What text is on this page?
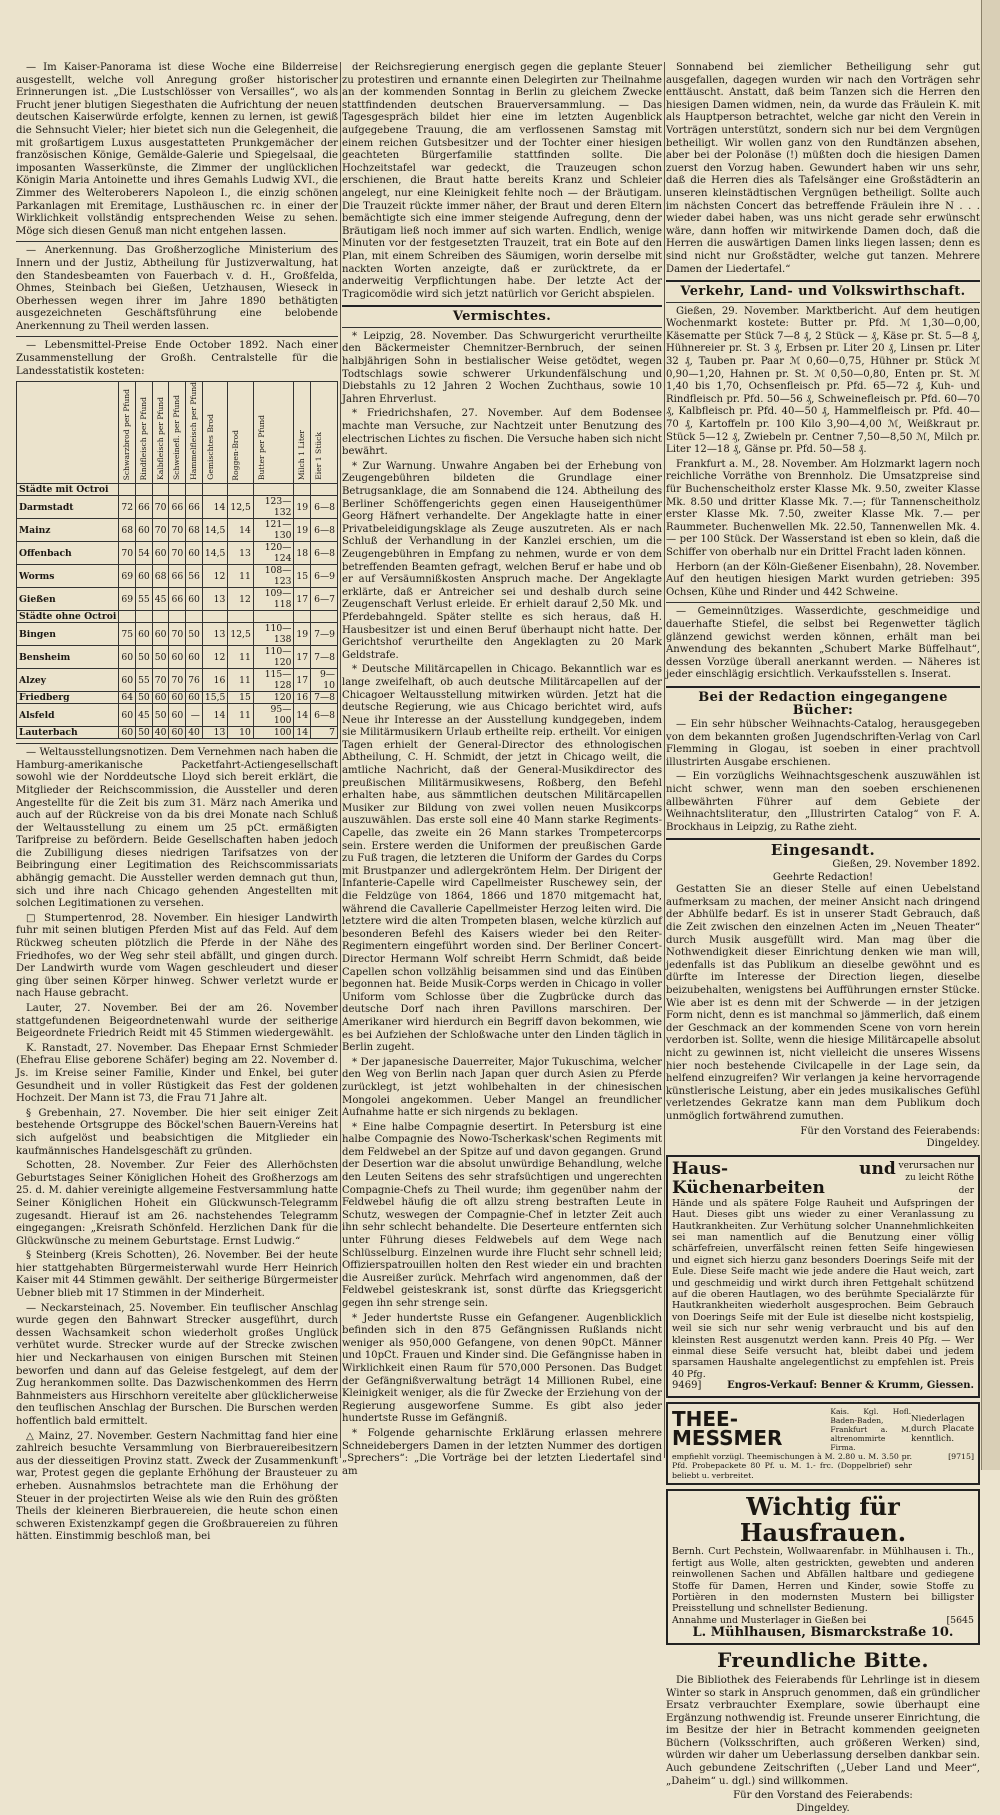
— Im Kaiser-Panorama ist diese Woche eine Bilderreise ausgestellt, welche voll Anregung großer historischer Erinnerungen ist. „Die Lustschlösser von Versailles“, wo als Frucht jener blutigen Siegesthaten die Aufrichtung der neuen deutschen Kaiserwürde erfolgte, kennen zu lernen, ist gewiß die Sehnsucht Vieler; hier bietet sich nun die Gelegenheit, die mit großartigem Luxus ausgestatteten Prunkgemächer der französischen Könige, Gemälde-Galerie und Spiegelsaal, die imposanten Wasserkünste, die Zimmer der unglücklichen Königin Maria Antoinette und ihres Gemahls Ludwig XVI., die Zimmer des Welteroberers Napoleon I., die einzig schönen Parkanlagen mit Eremitage, Lusthäuschen rc. in einer der Wirklichkeit vollständig entsprechenden Weise zu sehen. Möge sich diesen Genuß man nicht entgehen lassen.

— Anerkennung. Das Großherzogliche Ministerium des Innern und der Justiz, Abtheilung für Justizverwaltung, hat den Standesbeamten von Fauerbach v. d. H., Großfelda, Ohmes, Steinbach bei Gießen, Uetzhausen, Wieseck in Oberhessen wegen ihrer im Jahre 1890 bethätigten ausgezeichneten Geschäftsführung eine belobende Anerkennung zu Theil werden lassen.

— Lebensmittel-Preise Ende October 1892. Nach einer Zusammenstellung der Großh. Centralstelle für die Landesstatistik kosteten:

	Schwarzbrod per Pfund	Rindfleisch per Pfund	Kalbfleisch per Pfund	Schweinefl. per Pfund	Hammelfleisch per Pfund	Gemischtes Brod	Roggen-Brod	Butter per Pfund	Milch 1 Liter	Eier 1 Stück
Städte mit Octroi										
Darmstadt	72	66	70	66	66	14	12,5	123—132	19	6—8
Mainz	68	60	70	70	68	14,5	14	121—130	19	6—8
Offenbach	70	54	60	70	60	14,5	13	120—124	18	6—8
Worms	69	60	68	66	56	12	11	108—123	15	6—9
Gießen	69	55	45	66	60	13	12	109—118	17	6—7
Städte ohne Octroi										
Bingen	75	60	60	70	50	13	12,5	110—138	19	7—9
Bensheim	60	50	50	60	60	12	11	110—120	17	7—8
Alzey	60	55	70	70	76	16	11	115—128	17	9—10
Friedberg	64	50	60	60	60	15,5	15	120	16	7—8
Alsfeld	60	45	50	60	—	14	11	95—100	14	6—8
Lauterbach	60	50	40	60	40	13	10	100	14	7

— Weltausstellungsnotizen. Dem Vernehmen nach haben die Hamburg-amerikanische Packetfahrt-Actiengesellschaft sowohl wie der Norddeutsche Lloyd sich bereit erklärt, die Mitglieder der Reichscommission, die Aussteller und deren Angestellte für die Zeit bis zum 31. März nach Amerika und auch auf der Rückreise von da bis drei Monate nach Schluß der Weltausstellung zu einem um 25 pCt. ermäßigten Tarifpreise zu befördern. Beide Gesellschaften haben jedoch die Zubilligung dieses niedrigen Tarifsatzes von der Beibringung einer Legitimation des Reichscommissariats abhängig gemacht. Die Aussteller werden demnach gut thun, sich und ihre nach Chicago gehenden Angestellten mit solchen Legitimationen zu versehen.

□ Stumpertenrod, 28. November. Ein hiesiger Landwirth fuhr mit seinen blutigen Pferden Mist auf das Feld. Auf dem Rückweg scheuten plötzlich die Pferde in der Nähe des Friedhofes, wo der Weg sehr steil abfällt, und gingen durch. Der Landwirth wurde vom Wagen geschleudert und dieser ging über seinen Körper hinweg. Schwer verletzt wurde er nach Hause gebracht.

Lauter, 27. November. Bei der am 26. November stattgefundenen Beigeordnetenwahl wurde der seitherige Beigeordnete Friedrich Reidt mit 45 Stimmen wiedergewählt.

K. Ranstadt, 27. November. Das Ehepaar Ernst Schmieder (Ehefrau Elise geborene Schäfer) beging am 22. November d. Js. im Kreise seiner Familie, Kinder und Enkel, bei guter Gesundheit und in voller Rüstigkeit das Fest der goldenen Hochzeit. Der Mann ist 73, die Frau 71 Jahre alt.

§ Grebenhain, 27. November. Die hier seit einiger Zeit bestehende Ortsgruppe des Böckel'schen Bauern-Vereins hat sich aufgelöst und beabsichtigen die Mitglieder ein kaufmännisches Handelsgeschäft zu gründen.

Schotten, 28. November. Zur Feier des Allerhöchsten Geburtstages Seiner Königlichen Hoheit des Großherzogs am 25. d. M. dahier vereinigte allgemeine Festversammlung hatte Seiner Königlichen Hoheit ein Glückwunsch-Telegramm zugesandt. Hierauf ist am 26. nachstehendes Telegramm eingegangen: „Kreisrath Schönfeld. Herzlichen Dank für die Glückwünsche zu meinem Geburtstage. Ernst Ludwig.“

§ Steinberg (Kreis Schotten), 26. November. Bei der heute hier stattgehabten Bürgermeisterwahl wurde Herr Heinrich Kaiser mit 44 Stimmen gewählt. Der seitherige Bürgermeister Uebner blieb mit 17 Stimmen in der Minderheit.

— Neckarsteinach, 25. November. Ein teuflischer Anschlag wurde gegen den Bahnwart Strecker ausgeführt, durch dessen Wachsamkeit schon wiederholt großes Unglück verhütet wurde. Strecker wurde auf der Strecke zwischen hier und Neckarhausen von einigen Burschen mit Steinen beworfen und dann auf das Geleise festgelegt, auf dem der Zug herankommen sollte. Das Dazwischenkommen des Herrn Bahnmeisters aus Hirschhorn vereitelte aber glücklicherweise den teuflischen Anschlag der Burschen. Die Burschen werden hoffentlich bald ermittelt.

△ Mainz, 27. November. Gestern Nachmittag fand hier eine zahlreich besuchte Versammlung von Bierbrauereibesitzern aus der diesseitigen Provinz statt. Zweck der Zusammenkunft war, Protest gegen die geplante Erhöhung der Brausteuer zu erheben. Ausnahmslos betrachtete man die Erhöhung der Steuer in der projectirten Weise als wie den Ruin des größten Theils der kleineren Bierbrauereien, die heute schon einen schweren Existenzkampf gegen die Großbrauereien zu führen hätten. Einstimmig beschloß man, bei

der Reichsregierung energisch gegen die geplante Steuer zu protestiren und ernannte einen Delegirten zur Theilnahme an der kommenden Sonntag in Berlin zu gleichem Zwecke stattfindenden deutschen Brauerversammlung. — Das Tagesgespräch bildet hier eine im letzten Augenblick aufgegebene Trauung, die am verflossenen Samstag mit einem reichen Gutsbesitzer und der Tochter einer hiesigen geachteten Bürgerfamilie stattfinden sollte. Die Hochzeitstafel war gedeckt, die Trauzeugen schon erschienen, die Braut hatte bereits Kranz und Schleier angelegt, nur eine Kleinigkeit fehlte noch — der Bräutigam. Die Trauzeit rückte immer näher, der Braut und deren Eltern bemächtigte sich eine immer steigende Aufregung, denn der Bräutigam ließ noch immer auf sich warten. Endlich, wenige Minuten vor der festgesetzten Trauzeit, trat ein Bote auf den Plan, mit einem Schreiben des Säumigen, worin derselbe mit nackten Worten anzeigte, daß er zurücktrete, da er anderweitig Verpflichtungen habe. Der letzte Act der Tragicomödie wird sich jetzt natürlich vor Gericht abspielen.

Vermischtes.

* Leipzig, 28. November. Das Schwurgericht verurtheilte den Bäckermeister Chemnitzer-Bernbruch, der seinen halbjährigen Sohn in bestialischer Weise getödtet, wegen Todtschlags sowie schwerer Urkundenfälschung und Diebstahls zu 12 Jahren 2 Wochen Zuchthaus, sowie 10 Jahren Ehrverlust.

* Friedrichshafen, 27. November. Auf dem Bodensee machte man Versuche, zur Nachtzeit unter Benutzung des electrischen Lichtes zu fischen. Die Versuche haben sich nicht bewährt.

* Zur Warnung. Unwahre Angaben bei der Erhebung von Zeugengebühren bildeten die Grundlage einer Betrugsanklage, die am Sonnabend die 124. Abtheilung des Berliner Schöffengerichts gegen einen Hauseigenthümer Georg Häfnert verhandelte. Der Angeklagte hatte in einer Privatbeleidigungsklage als Zeuge auszutreten. Als er nach Schluß der Verhandlung in der Kanzlei erschien, um die Zeugengebühren in Empfang zu nehmen, wurde er von dem betreffenden Beamten gefragt, welchen Beruf er habe und ob er auf Versäumnißkosten Anspruch mache. Der Angeklagte erklärte, daß er Antreicher sei und deshalb durch seine Zeugenschaft Verlust erleide. Er erhielt darauf 2,50 Mk. und Pferdebahngeld. Später stellte es sich heraus, daß H. Hausbesitzer ist und einen Beruf überhaupt nicht hatte. Der Gerichtshof verurtheilte den Angeklagten zu 20 Mark Geldstrafe.

* Deutsche Militärcapellen in Chicago. Bekanntlich war es lange zweifelhaft, ob auch deutsche Militärcapellen auf der Chicagoer Weltausstellung mitwirken würden. Jetzt hat die deutsche Regierung, wie aus Chicago berichtet wird, aufs Neue ihr Interesse an der Ausstellung kundgegeben, indem sie Militärmusikern Urlaub ertheilte reip. ertheilt. Vor einigen Tagen erhielt der General-Director des ethnologischen Abtheilung, C. H. Schmidt, der jetzt in Chicago weilt, die amtliche Nachricht, daß der General-Musikdirector des preußischen Militärmusikwesens, Roßberg, den Befehl erhalten habe, aus sämmtlichen deutschen Militärcapellen Musiker zur Bildung von zwei vollen neuen Musikcorps auszuwählen. Das erste soll eine 40 Mann starke Regiments-Capelle, das zweite ein 26 Mann starkes Trompetercorps sein. Erstere werden die Uniformen der preußischen Garde zu Fuß tragen, die letzteren die Uniform der Gardes du Corps mit Brustpanzer und adlergekröntem Helm. Der Dirigent der Infanterie-Capelle wird Capellmeister Ruschewey sein, der die Feldzüge von 1864, 1866 und 1870 mitgemacht hat, während die Cavallerie Capellmeister Herzog leiten wird. Die letztere wird die alten Trompeten blasen, welche kürzlich auf besonderen Befehl des Kaisers wieder bei den Reiter-Regimentern eingeführt worden sind. Der Berliner Concert-Director Hermann Wolf schreibt Herrn Schmidt, daß beide Capellen schon vollzählig beisammen sind und das Einüben begonnen hat. Beide Musik-Corps werden in Chicago in voller Uniform vom Schlosse über die Zugbrücke durch das deutsche Dorf nach ihren Pavillons marschiren. Der Amerikaner wird hierdurch ein Begriff davon bekommen, wie es bei Aufziehen der Schloßwache unter den Linden täglich in Berlin zugeht.

* Der japanesische Dauerreiter, Major Tukuschima, welcher den Weg von Berlin nach Japan quer durch Asien zu Pferde zurücklegt, ist jetzt wohlbehalten in der chinesischen Mongolei angekommen. Ueber Mangel an freundlicher Aufnahme hatte er sich nirgends zu beklagen.

* Eine halbe Compagnie desertirt. In Petersburg ist eine halbe Compagnie des Nowo-Tscherkask'schen Regiments mit dem Feldwebel an der Spitze auf und davon gegangen. Grund der Desertion war die absolut unwürdige Behandlung, welche den Leuten Seitens des sehr strafsüchtigen und ungerechten Compagnie-Chefs zu Theil wurde; ihm gegenüber nahm der Feldwebel häufig die oft allzu streng bestraften Leute in Schutz, weswegen der Compagnie-Chef in letzter Zeit auch ihn sehr schlecht behandelte. Die Deserteure entfernten sich unter Führung dieses Feldwebels auf dem Wege nach Schlüsselburg. Einzelnen wurde ihre Flucht sehr schnell leid; Offizierspatrouillen holten den Rest wieder ein und brachten die Ausreißer zurück. Mehrfach wird angenommen, daß der Feldwebel geisteskrank ist, sonst dürfte das Kriegsgericht gegen ihn sehr strenge sein.

* Jeder hundertste Russe ein Gefangener. Augenblicklich befinden sich in den 875 Gefängnissen Rußlands nicht weniger als 950,000 Gefangene, von denen 90pCt. Männer und 10pCt. Frauen und Kinder sind. Die Gefängnisse haben in Wirklichkeit einen Raum für 570,000 Personen. Das Budget der Gefängnißverwaltung beträgt 14 Millionen Rubel, eine Kleinigkeit weniger, als die für Zwecke der Erziehung von der Regierung ausgeworfene Summe. Es gibt also jeder hundertste Russe im Gefängniß.

* Folgende geharnischte Erklärung erlassen mehrere Schneidebergers Damen in der letzten Nummer des dortigen „Sprechers“: „Die Vorträge bei der letzten Liedertafel sind am

Sonnabend bei ziemlicher Betheiligung sehr gut ausgefallen, dagegen wurden wir nach den Vorträgen sehr enttäuscht. Anstatt, daß beim Tanzen sich die Herren den hiesigen Damen widmen, nein, da wurde das Fräulein K. mit als Hauptperson betrachtet, welche gar nicht den Verein in Vorträgen unterstützt, sondern sich nur bei dem Vergnügen betheiligt. Wir wollen ganz von den Rundtänzen absehen, aber bei der Polonäse (!) müßten doch die hiesigen Damen zuerst den Vorzug haben. Gewundert haben wir uns sehr, daß die Herren dies als Tafelsänger eine Großstädterin an unseren kleinstädtischen Vergnügen betheiligt. Sollte auch im nächsten Concert das betreffende Fräulein ihre N . . . wieder dabei haben, was uns nicht gerade sehr erwünscht wäre, dann hoffen wir mitwirkende Damen doch, daß die Herren die auswärtigen Damen links liegen lassen; denn es sind nicht nur Großstädter, welche gut tanzen. Mehrere Damen der Liedertafel.“

Verkehr, Land- und Volkswirthschaft.

Gießen, 29. November. Marktbericht. Auf dem heutigen Wochenmarkt kostete: Butter pr. Pfd. ℳ 1,30—0,00, Käsematte per Stück 7—8 ₰, 2 Stück — ₰, Käse pr. St. 5—8 ₰, Hühnereier pr. St. 3 ₰, Erbsen pr. Liter 20 ₰, Linsen pr. Liter 32 ₰, Tauben pr. Paar ℳ 0,60—0,75, Hühner pr. Stück ℳ 0,90—1,20, Hahnen pr. St. ℳ 0,50—0,80, Enten pr. St. ℳ 1,40 bis 1,70, Ochsenfleisch pr. Pfd. 65—72 ₰, Kuh- und Rindfleisch pr. Pfd. 50—56 ₰, Schweinefleisch pr. Pfd. 60—70 ₰, Kalbfleisch pr. Pfd. 40—50 ₰, Hammelfleisch pr. Pfd. 40—70 ₰, Kartoffeln pr. 100 Kilo 3,90—4,00 ℳ, Weißkraut pr. Stück 5—12 ₰, Zwiebeln pr. Centner 7,50—8,50 ℳ, Milch pr. Liter 12—18 ₰, Gänse pr. Pfd. 50—58 ₰.

Frankfurt a. M., 28. November. Am Holzmarkt lagern noch reichliche Vorräthe von Brennholz. Die Umsatzpreise sind für Buchenscheitholz erster Klasse Mk. 9.50, zweiter Klasse Mk. 8.50 und dritter Klasse Mk. 7.—; für Tannenscheitholz erster Klasse Mk. 7.50, zweiter Klasse Mk. 7.— per Raummeter. Buchenwellen Mk. 22.50, Tannenwellen Mk. 4.— per 100 Stück. Der Wasserstand ist eben so klein, daß die Schiffer von oberhalb nur ein Drittel Fracht laden können.

Herborn (an der Köln-Gießener Eisenbahn), 28. November. Auf den heutigen hiesigen Markt wurden getrieben: 395 Ochsen, Kühe und Rinder und 442 Schweine.

— Gemeinnütziges. Wasserdichte, geschmeidige und dauerhafte Stiefel, die selbst bei Regenwetter täglich glänzend gewichst werden können, erhält man bei Anwendung des bekannten „Schubert Marke Büffelhaut“, dessen Vorzüge überall anerkannt werden. — Näheres ist jeder einschlägig ersichtlich. Verkaufsstellen s. Inserat.

Bei der Redaction eingegangene Bücher:

— Ein sehr hübscher Weihnachts-Catalog, herausgegeben von dem bekannten großen Jugendschriften-Verlag von Carl Flemming in Glogau, ist soeben in einer prachtvoll illustrirten Ausgabe erschienen.

— Ein vorzüglichs Weihnachtsgeschenk auszuwählen ist nicht schwer, wenn man den soeben erschienenen allbewährten Führer auf dem Gebiete der Weihnachtsliteratur, den „Illustrirten Catalog“ von F. A. Brockhaus in Leipzig, zu Rathe zieht.

Eingesandt.
Gießen, 29. November 1892.
Geehrte Redaction!

Gestatten Sie an dieser Stelle auf einen Uebelstand aufmerksam zu machen, der meiner Ansicht nach dringend der Abhülfe bedarf. Es ist in unserer Stadt Gebrauch, daß die Zeit zwischen den einzelnen Acten im „Neuen Theater“ durch Musik ausgefüllt wird. Man mag über die Nothwendigkeit dieser Einrichtung denken wie man will, jedenfalls ist das Publikum an dieselbe gewöhnt und es dürfte im Interesse der Direction liegen, dieselbe beizubehalten, wenigstens bei Aufführungen ernster Stücke. Wie aber ist es denn mit der Schwerde — in der jetzigen Form nicht, denn es ist manchmal so jämmerlich, daß einem der Geschmack an der kommenden Scene von vorn herein verdorben ist. Sollte, wenn die hiesige Militärcapelle absolut nicht zu gewinnen ist, nicht vielleicht die unseres Wissens hier noch bestehende Civilcapelle in der Lage sein, da helfend einzugreifen? Wir verlangen ja keine hervorragende künstlerische Leistung, aber ein jedes musikalisches Gefühl verletzendes Gekratze kann man dem Publikum doch unmöglich fortwährend zumuthen.

Für den Vorstand des Feierabends:
Dingeldey.
Haus- und Küchenarbeiten
verursachen nur zu leicht Röthe der
Hände und als spätere Folge Rauheit und Aufspringen der Haut. Dieses gibt uns wieder zu einer Veranlassung zu Hautkrankheiten. Zur Verhütung solcher Unannehmlichkeiten sei man namentlich auf die Benutzung einer völlig schärfefreien, unverfälscht reinen fetten Seife hingewiesen und eignet sich hierzu ganz besonders Doerings Seife mit der Eule. Diese Seife macht wie jede andere die Haut weich, zart und geschmeidig und wirkt durch ihren Fettgehalt schützend auf die oberen Hautlagen, wo des berühmte Specialärzte für Hautkrankheiten wiederholt ausgesprochen. Beim Gebrauch von Doerings Seife mit der Eule ist dieselbe nicht kostspielig, weil sie sich nur sehr wenig verbraucht und bis auf den kleinsten Rest ausgenutzt werden kann. Preis 40 Pfg. — Wer einmal diese Seife versucht hat, bleibt dabei und jedem sparsamen Haushalte angelegentlichst zu empfehlen ist. Preis 40 Pfg.
9469]	Engros-Verkauf: Benner & Krumm, Giessen.
THEE-MESSMER
Kais. Kgl. Hofl. Baden-Baden, Frankfurt a. M. altrenommirte Firma.
Niederlagen durch Placate kenntlich.
empfiehlt vorzügl. Theemischungen à M. 2.80 u. M. 3.50 pr. Pfd. Probepackete 80 Pf. u. M. 1.- frc. (Doppelbrief) sehr beliebt u. verbreitet.
[9715]
Wichtig für Hausfrauen.
Bernh. Curt Pechstein, Wollwaarenfabr. in Mühlhausen i. Th., fertigt aus Wolle, alten gestrickten, gewebten und anderen reinwollenen Sachen und Abfällen haltbare und gediegene Stoffe für Damen, Herren und Kinder, sowie Stoffe zu Portièren in den modernsten Mustern bei billigster Preisstellung und schnellster Bedienung.
Annahme und Musterlager in Gießen bei	[5645
L. Mühlhausen, Bismarckstraße 10.
Freundliche Bitte.

Die Bibliothek des Feierabends für Lehrlinge ist in diesem Winter so stark in Anspruch genommen, daß ein gründlicher Ersatz verbrauchter Exemplare, sowie überhaupt eine Ergänzung nothwendig ist. Freunde unserer Einrichtung, die im Besitze der hier in Betracht kommenden geeigneten Büchern (Volksschriften, auch größeren Werken) sind, würden wir daher um Ueberlassung derselben dankbar sein. Auch gebundene Zeitschriften („Ueber Land und Meer“, „Daheim“ u. dgl.) sind willkommen.

Für den Vorstand des Feierabends:
Dingeldey.
